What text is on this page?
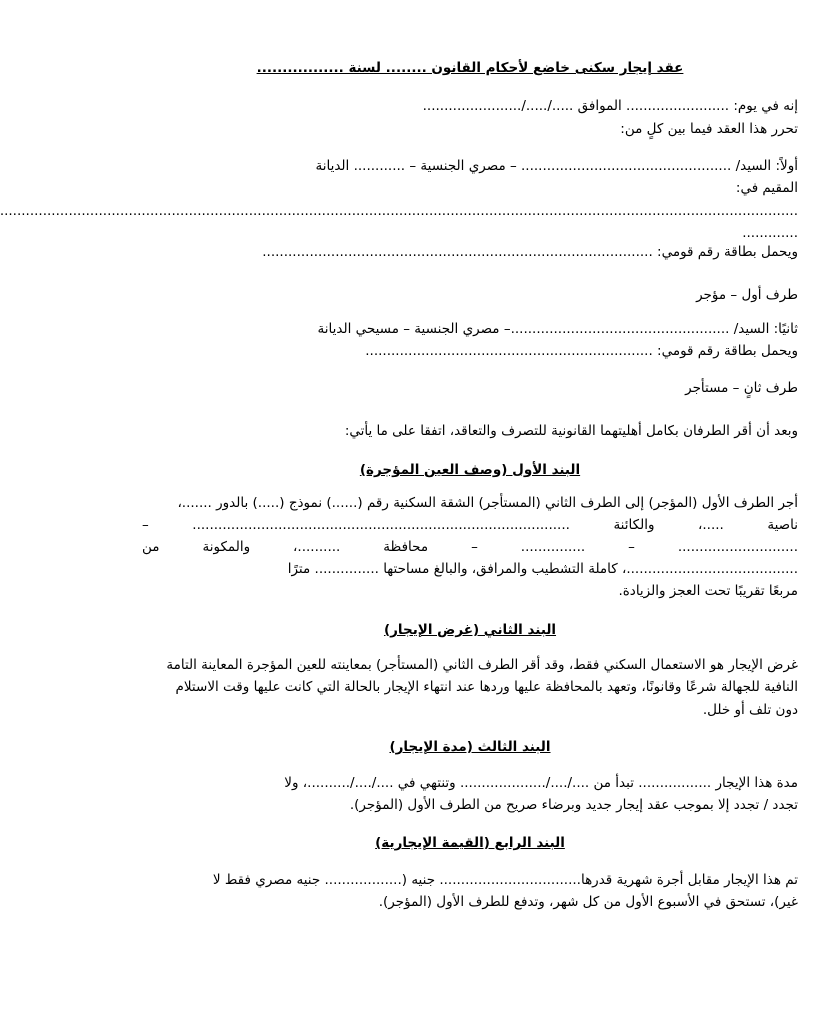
عقد إيجار سكنى خاضع لأحكام القانون ........ لسنة .................
إنه في يوم: ........................ الموافق ...../...../.......................
تحرر هذا العقد فيما بين كلٍ من:
أولاً: السيد/ ................................................. – مصري الجنسية – ............ الديانة
المقيم في:
..........................................................................................................................................................................................
.............
ويحمل بطاقة رقم قومي: ...........................................................................................
طرف أول – مؤجر
ثانيًا: السيد/ ...................................................– مصري الجنسية – مسيحي الديانة
ويحمل بطاقة رقم قومي: ...................................................................
طرف ثانٍ – مستأجر
وبعد أن أقر الطرفان بكامل أهليتهما القانونية للتصرف والتعاقد، اتفقا على ما يأتي:
البند الأول (وصف العين المؤجرة)
أجر الطرف الأول (المؤجر) إلى الطرف الثاني (المستأجر) الشقة السكنية رقم (......) نموذج (.....) بالدور .......،
ناصية .....، والكائنة ........................................................................................ –
............................ – ............... – محافظة ..........، والمكونة من
........................................، كاملة التشطيب والمرافق، والبالغ مساحتها ............... مترًا
مربعًا تقريبًا تحت العجز والزيادة.
البند الثاني (غرض الإيجار)
غرض الإيجار هو الاستعمال السكني فقط، وقد أقر الطرف الثاني (المستأجر) بمعاينته للعين المؤجرة المعاينة التامة
النافية للجهالة شرعًا وقانونًا، وتعهد بالمحافظة عليها وردها عند انتهاء الإيجار بالحالة التي كانت عليها وقت الاستلام
دون تلف أو خلل.
البند الثالث (مدة الإيجار)
مدة هذا الإيجار ................. تبدأ من ..../..../.................... وتنتهي في ..../..../..........، ولا
تجدد / تجدد إلا بموجب عقد إيجار جديد وبرضاء صريح من الطرف الأول (المؤجر).
البند الرابع (القيمة الإيجارية)
تم هذا الإيجار مقابل أجرة شهرية قدرها................................. جنيه (.................. جنيه مصري فقط لا
غير)، تستحق في الأسبوع الأول من كل شهر، وتدفع للطرف الأول (المؤجر).
